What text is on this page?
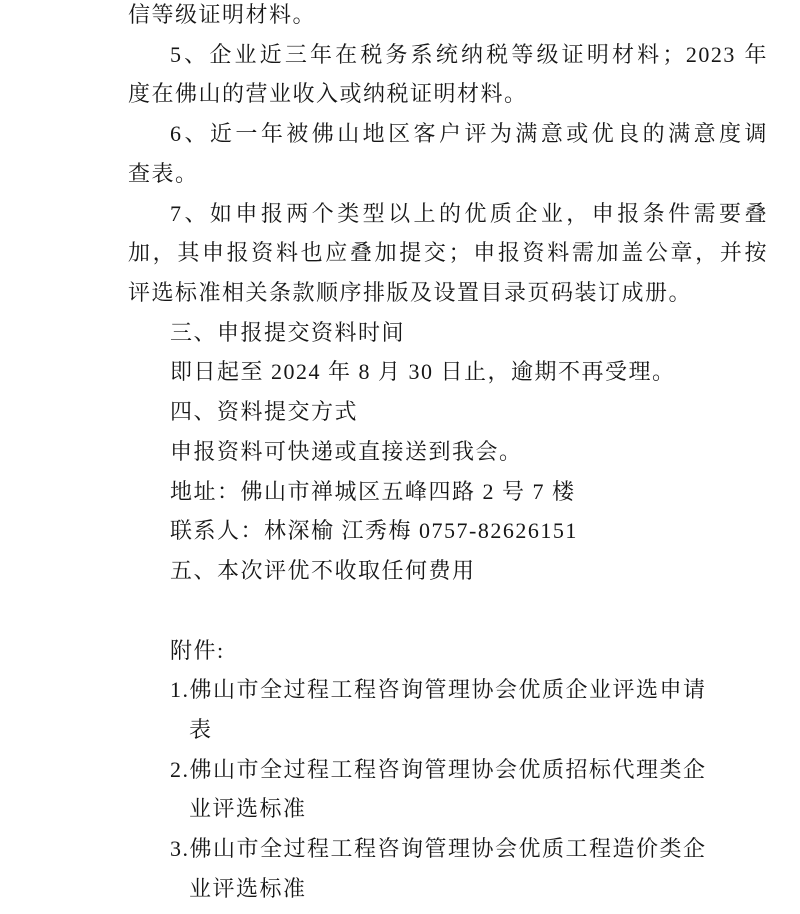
信等级证明材料。
5、企业近三年在税务系统纳税等级证明材料；2023 年
度在佛山的营业收入或纳税证明材料。
6、近一年被佛山地区客户评为满意或优良的满意度调
查表。
7、如申报两个类型以上的优质企业，申报条件需要叠
加，其申报资料也应叠加提交；申报资料需加盖公章，并按
评选标准相关条款顺序排版及设置目录页码装订成册。
三、申报提交资料时间
即日起至 2024 年 8 月 30 日止，逾期不再受理。
四、资料提交方式
申报资料可快递或直接送到我会。
地址：佛山市禅城区五峰四路 2 号 7 楼
联系人：林深榆 江秀梅 0757-82626151
五、本次评优不收取任何费用
附件:
1.佛山市全过程工程咨询管理协会优质企业评选申请
表
2.佛山市全过程工程咨询管理协会优质招标代理类企
业评选标准
3.佛山市全过程工程咨询管理协会优质工程造价类企
业评选标准
